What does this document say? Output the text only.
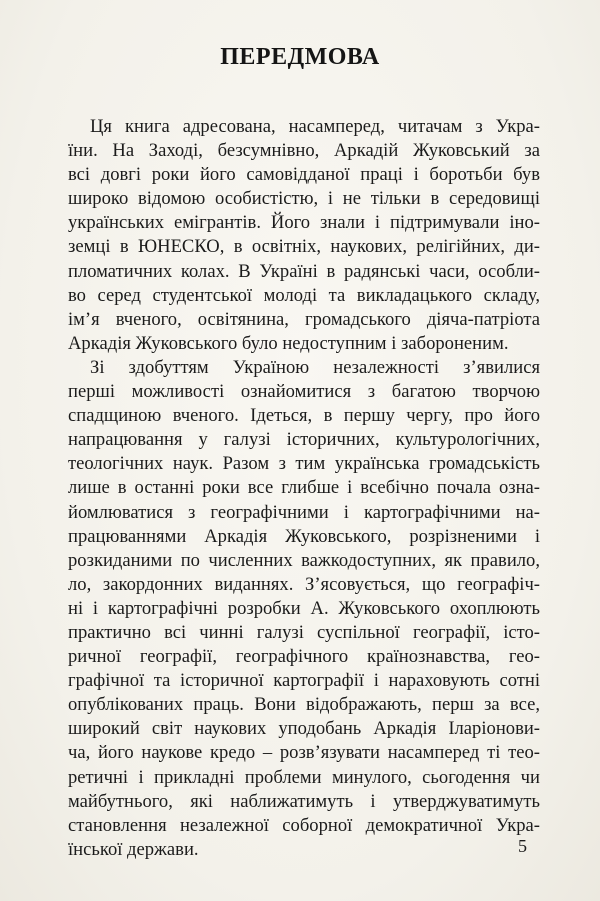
ПЕРЕДМОВА
Ця книга адресована, насамперед, читачам з Укра-
їни. На Заході, безсумнівно, Аркадій Жуковський за
всі довгі роки його самовідданої праці і боротьби був
широко відомою особистістю, і не тільки в середовищі
українських емігрантів. Його знали і підтримували іно-
земці в ЮНЕСКО, в освітніх, наукових, релігійних, ди-
пломатичних колах. В Україні в радянські часи, особли-
во серед студентської молоді та викладацького складу,
ім’я вченого, освітянина, громадського діяча-патріота
Аркадія Жуковського було недоступним і забороненим.
Зі здобуттям Україною незалежності з’явилися
перші можливості ознайомитися з багатою творчою
спадщиною вченого. Ідеться, в першу чергу, про його
напрацювання у галузі історичних, культурологічних,
теологічних наук. Разом з тим українська громадськість
лише в останні роки все глибше і всебічно почала озна-
йомлюватися з географічними і картографічними на-
працюваннями Аркадія Жуковського, розрізненими і
розкиданими по численних важкодоступних, як правило,
ло, закордонних виданнях. З’ясовується, що географіч-
ні і картографічні розробки А. Жуковського охоплюють
практично всі чинні галузі суспільної географії, істо-
ричної географії, географічного країнознавства, гео-
графічної та історичної картографії і нараховують сотні
опублікованих праць. Вони відображають, перш за все,
широкий світ наукових уподобань Аркадія Іларіонови-
ча, його наукове кредо – розв’язувати насамперед ті тео-
ретичні і прикладні проблеми минулого, сьогодення чи
майбутнього, які наближатимуть і утверджуватимуть
становлення незалежної соборної демократичної Укра-
їнської держави.	5
